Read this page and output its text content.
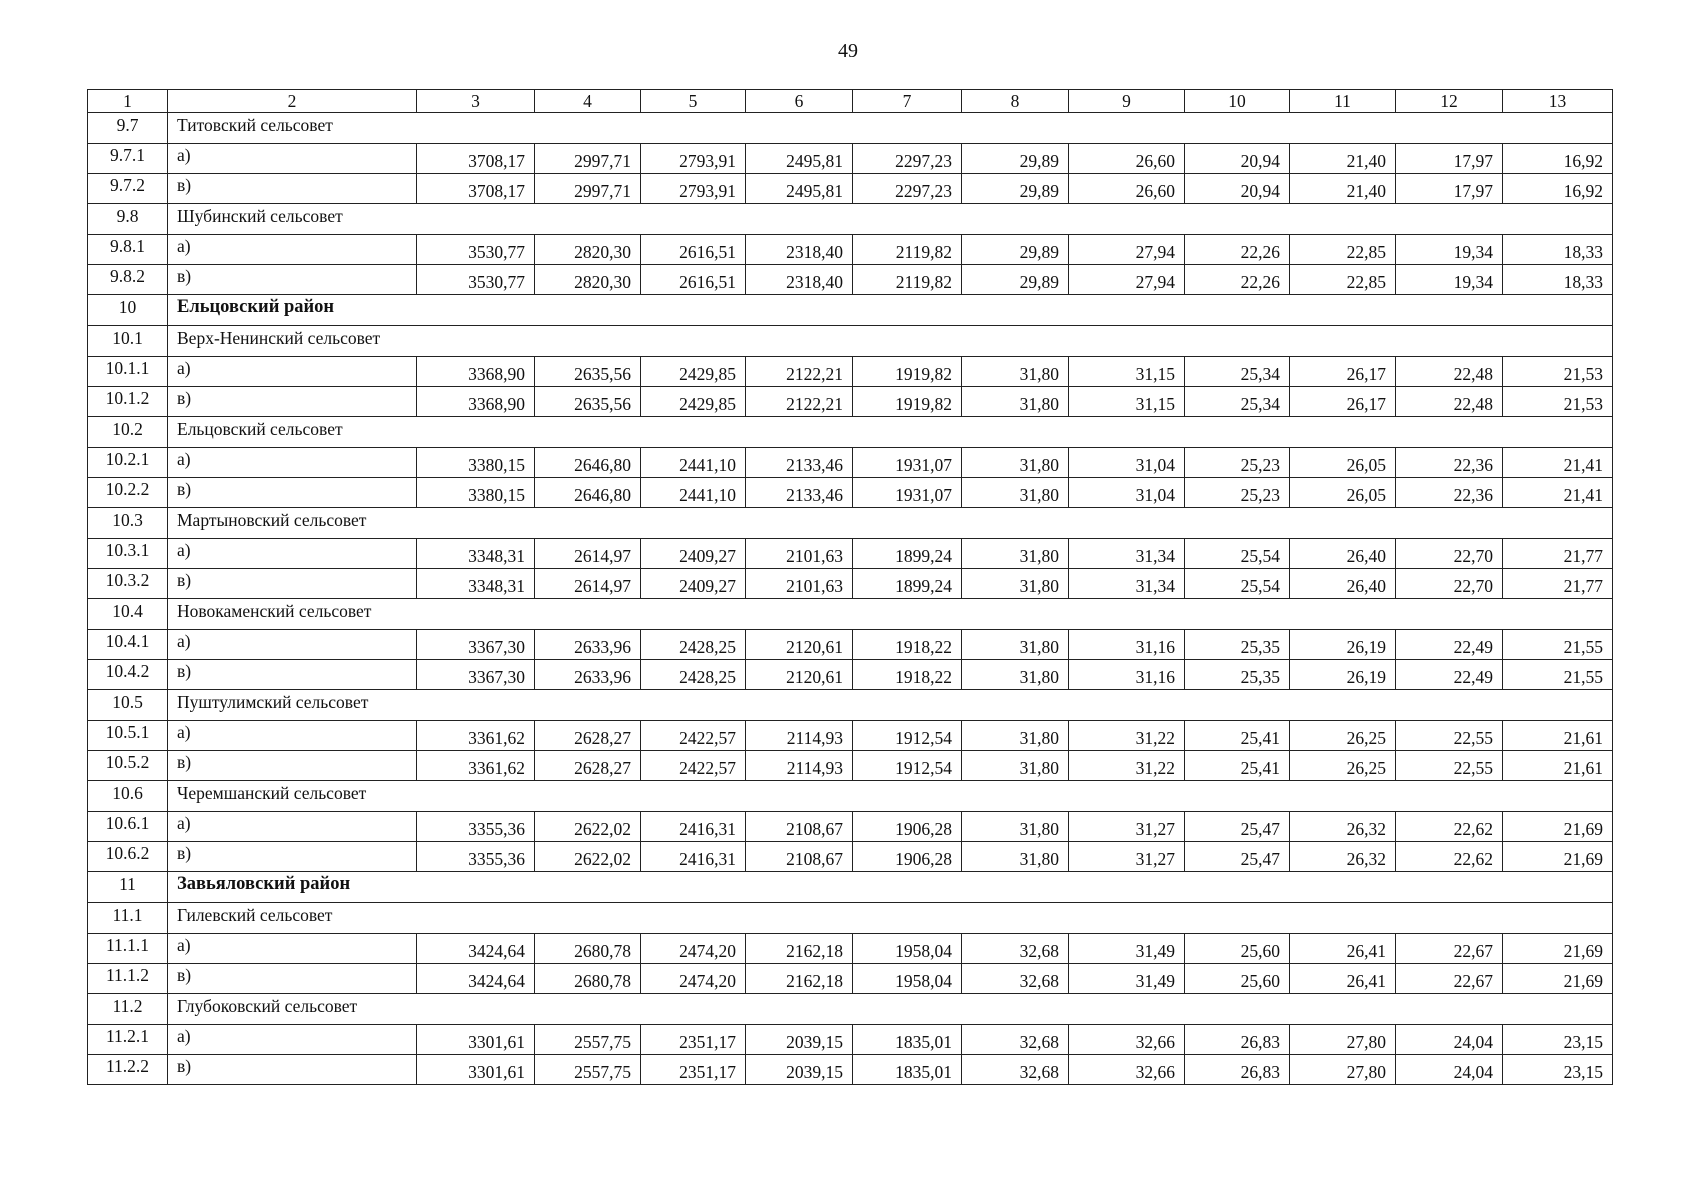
49
1	2	3	4	5	6	7	8	9	10	11	12	13
9.7	Титовский сельсовет											
9.7.1	а)	3708,17	2997,71	2793,91	2495,81	2297,23	29,89	26,60	20,94	21,40	17,97	16,92
9.7.2	в)	3708,17	2997,71	2793,91	2495,81	2297,23	29,89	26,60	20,94	21,40	17,97	16,92
9.8	Шубинский сельсовет											
9.8.1	а)	3530,77	2820,30	2616,51	2318,40	2119,82	29,89	27,94	22,26	22,85	19,34	18,33
9.8.2	в)	3530,77	2820,30	2616,51	2318,40	2119,82	29,89	27,94	22,26	22,85	19,34	18,33
10	Ельцовский район											
10.1	Верх-Ненинский сельсовет											
10.1.1	а)	3368,90	2635,56	2429,85	2122,21	1919,82	31,80	31,15	25,34	26,17	22,48	21,53
10.1.2	в)	3368,90	2635,56	2429,85	2122,21	1919,82	31,80	31,15	25,34	26,17	22,48	21,53
10.2	Ельцовский сельсовет											
10.2.1	а)	3380,15	2646,80	2441,10	2133,46	1931,07	31,80	31,04	25,23	26,05	22,36	21,41
10.2.2	в)	3380,15	2646,80	2441,10	2133,46	1931,07	31,80	31,04	25,23	26,05	22,36	21,41
10.3	Мартыновский сельсовет											
10.3.1	а)	3348,31	2614,97	2409,27	2101,63	1899,24	31,80	31,34	25,54	26,40	22,70	21,77
10.3.2	в)	3348,31	2614,97	2409,27	2101,63	1899,24	31,80	31,34	25,54	26,40	22,70	21,77
10.4	Новокаменский сельсовет											
10.4.1	а)	3367,30	2633,96	2428,25	2120,61	1918,22	31,80	31,16	25,35	26,19	22,49	21,55
10.4.2	в)	3367,30	2633,96	2428,25	2120,61	1918,22	31,80	31,16	25,35	26,19	22,49	21,55
10.5	Пуштулимский сельсовет											
10.5.1	а)	3361,62	2628,27	2422,57	2114,93	1912,54	31,80	31,22	25,41	26,25	22,55	21,61
10.5.2	в)	3361,62	2628,27	2422,57	2114,93	1912,54	31,80	31,22	25,41	26,25	22,55	21,61
10.6	Черемшанский сельсовет											
10.6.1	а)	3355,36	2622,02	2416,31	2108,67	1906,28	31,80	31,27	25,47	26,32	22,62	21,69
10.6.2	в)	3355,36	2622,02	2416,31	2108,67	1906,28	31,80	31,27	25,47	26,32	22,62	21,69
11	Завьяловский район											
11.1	Гилевский сельсовет											
11.1.1	а)	3424,64	2680,78	2474,20	2162,18	1958,04	32,68	31,49	25,60	26,41	22,67	21,69
11.1.2	в)	3424,64	2680,78	2474,20	2162,18	1958,04	32,68	31,49	25,60	26,41	22,67	21,69
11.2	Глубоковский сельсовет											
11.2.1	а)	3301,61	2557,75	2351,17	2039,15	1835,01	32,68	32,66	26,83	27,80	24,04	23,15
11.2.2	в)	3301,61	2557,75	2351,17	2039,15	1835,01	32,68	32,66	26,83	27,80	24,04	23,15
